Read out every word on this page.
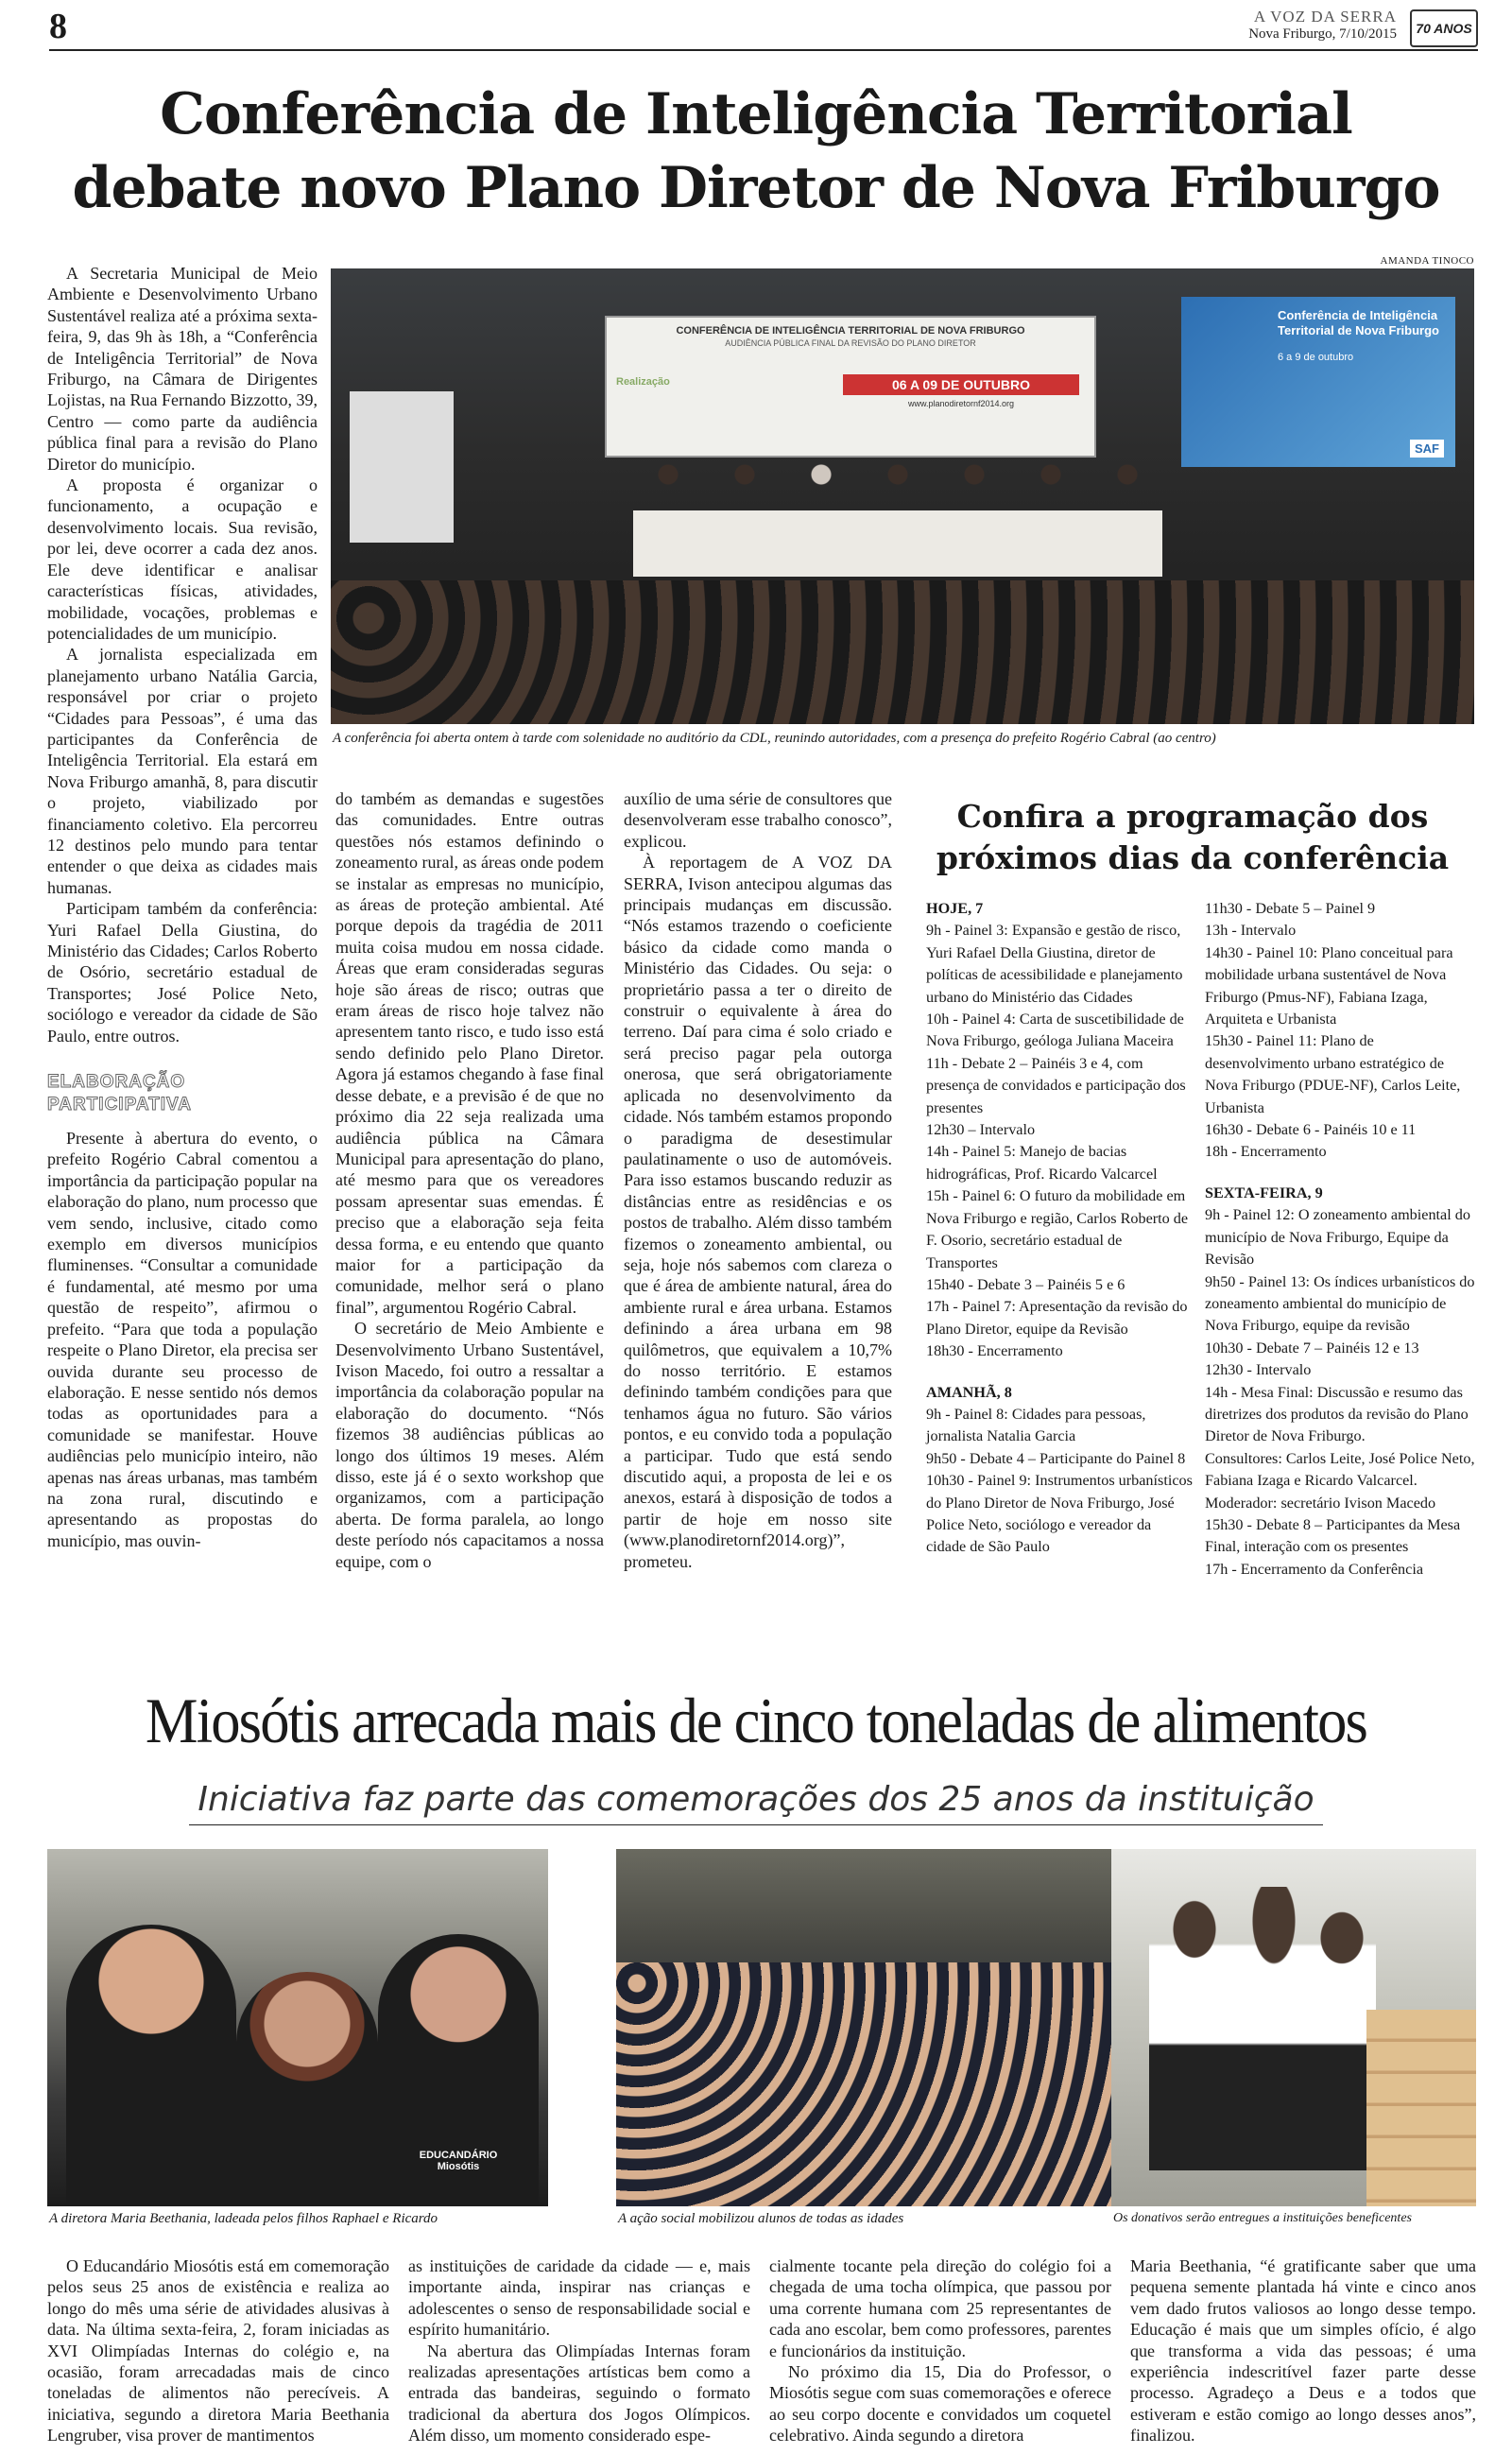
8	A VOZ DA SERRA
Nova Friburgo, 7/10/2015 70 ANOS
Conferência de Inteligência Territorial
debate novo Plano Diretor de Nova Friburgo

A Secretaria Municipal de Meio Ambiente e Desenvolvimento Urbano Sustentável realiza até a próxima sexta-feira, 9, das 9h às 18h, a “Conferência de Inteligência Territorial” de Nova Friburgo, na Câmara de Dirigentes Lojistas, na Rua Fernando Bizzotto, 39, Centro — como parte da audiência pública final para a revisão do Plano Diretor do município.

A proposta é organizar o funcionamento, a ocupação e desenvolvimento locais. Sua revisão, por lei, deve ocorrer a cada dez anos. Ele deve identificar e analisar características físicas, atividades, mobilidade, vocações, problemas e potencialidades de um município.

A jornalista especializada em planejamento urbano Natália Garcia, responsável por criar o projeto “Cidades para Pessoas”, é uma das participantes da Conferência de Inteligência Territorial. Ela estará em Nova Friburgo amanhã, 8, para discutir o projeto, viabilizado por financiamento coletivo. Ela percorreu 12 destinos pelo mundo para tentar entender o que deixa as cidades mais humanas.

Participam também da conferência: Yuri Rafael Della Giustina, do Ministério das Cidades; Carlos Roberto de Osório, secretário estadual de Transportes; José Police Neto, sociólogo e vereador da cidade de São Paulo, entre outros.

ELABORAÇÃO PARTICIPATIVA

Presente à abertura do evento, o prefeito Rogério Cabral comentou a importância da participação popular na elaboração do plano, num processo que vem sendo, inclusive, citado como exemplo em diversos municípios fluminenses. “Consultar a comunidade é fundamental, até mesmo por uma questão de respeito”, afirmou o prefeito. “Para que toda a população respeite o Plano Diretor, ela precisa ser ouvida durante seu processo de elaboração. E nesse sentido nós demos todas as oportunidades para a comunidade se manifestar. Houve audiências pelo município inteiro, não apenas nas áreas urbanas, mas também na zona rural, discutindo e apresentando as propostas do município, mas ouvin-

AMANDA TINOCO
CONFERÊNCIA DE INTELIGÊNCIA TERRITORIAL DE NOVA FRIBURGO
AUDIÊNCIA PÚBLICA FINAL DA REVISÃO DO PLANO DIRETOR
Realização	06 A 09 DE OUTUBRO
www.planodiretornf2014.org
Conferência de Inteligência Territorial de Nova Friburgo
6 a 9 de outubro
SAF
A conferência foi aberta ontem à tarde com solenidade no auditório da CDL, reunindo autoridades, com a presença do prefeito Rogério Cabral (ao centro)

do também as demandas e sugestões das comunidades. Entre outras questões nós estamos definindo o zoneamento rural, as áreas onde podem se instalar as empresas no município, as áreas de proteção ambiental. Até porque depois da tragédia de 2011 muita coisa mudou em nossa cidade. Áreas que eram consideradas seguras hoje são áreas de risco; outras que eram áreas de risco hoje talvez não apresentem tanto risco, e tudo isso está sendo definido pelo Plano Diretor. Agora já estamos chegando à fase final desse debate, e a previsão é de que no próximo dia 22 seja realizada uma audiência pública na Câmara Municipal para apresentação do plano, até mesmo para que os vereadores possam apresentar suas emendas. É preciso que a elaboração seja feita dessa forma, e eu entendo que quanto maior for a participação da comunidade, melhor será o plano final”, argumentou Rogério Cabral.

O secretário de Meio Ambiente e Desenvolvimento Urbano Sustentável, Ivison Macedo, foi outro a ressaltar a importância da colaboração popular na elaboração do documento. “Nós fizemos 38 audiências públicas ao longo dos últimos 19 meses. Além disso, este já é o sexto workshop que organizamos, com a participação aberta. De forma paralela, ao longo deste período nós capacitamos a nossa equipe, com o

auxílio de uma série de consultores que desenvolveram esse trabalho conosco”, explicou.

À reportagem de A VOZ DA SERRA, Ivison antecipou algumas das principais mudanças em discussão. “Nós estamos trazendo o coeficiente básico da cidade como manda o Ministério das Cidades. Ou seja: o proprietário passa a ter o direito de construir o equivalente à área do terreno. Daí para cima é solo criado e será preciso pagar pela outorga onerosa, que será obrigatoriamente aplicada no desenvolvimento da cidade. Nós também estamos propondo o paradigma de desestimular paulatinamente o uso de automóveis. Para isso estamos buscando reduzir as distâncias entre as residências e os postos de trabalho. Além disso também fizemos o zoneamento ambiental, ou seja, hoje nós sabemos com clareza o que é área de ambiente natural, área do ambiente rural e área urbana. Estamos definindo a área urbana em 98 quilômetros, que equivalem a 10,7% do nosso território. E estamos definindo também condições para que tenhamos água no futuro. São vários pontos, e eu convido toda a população a participar. Tudo que está sendo discutido aqui, a proposta de lei e os anexos, estará à disposição de todos a partir de hoje em nosso site (www.planodiretornf2014.org)”, prometeu.

Confira a programação dos
próximos dias da conferência
HOJE, 7
9h - Painel 3: Expansão e gestão de risco, Yuri Rafael Della Giustina, diretor de políticas de acessibilidade e planejamento urbano do Ministério das Cidades
10h - Painel 4: Carta de suscetibilidade de Nova Friburgo, geóloga Juliana Maceira
11h - Debate 2 – Painéis 3 e 4, com presença de convidados e participação dos presentes
12h30 – Intervalo
14h - Painel 5: Manejo de bacias hidrográficas, Prof. Ricardo Valcarcel
15h - Painel 6: O futuro da mobilidade em Nova Friburgo e região, Carlos Roberto de F. Osorio, secretário estadual de Transportes
15h40 - Debate 3 – Painéis 5 e 6
17h - Painel 7: Apresentação da revisão do Plano Diretor, equipe da Revisão
18h30 - Encerramento
AMANHÃ, 8
9h - Painel 8: Cidades para pessoas, jornalista Natalia Garcia
9h50 - Debate 4 – Participante do Painel 8
10h30 - Painel 9: Instrumentos urbanísticos do Plano Diretor de Nova Friburgo, José Police Neto, sociólogo e vereador da cidade de São Paulo
11h30 - Debate 5 – Painel 9
13h - Intervalo
14h30 - Painel 10: Plano conceitual para mobilidade urbana sustentável de Nova Friburgo (Pmus-NF), Fabiana Izaga, Arquiteta e Urbanista
15h30 - Painel 11: Plano de desenvolvimento urbano estratégico de Nova Friburgo (PDUE-NF), Carlos Leite, Urbanista
16h30 - Debate 6 - Painéis 10 e 11
18h - Encerramento
SEXTA-FEIRA, 9
9h - Painel 12: O zoneamento ambiental do município de Nova Friburgo, Equipe da Revisão
9h50 - Painel 13: Os índices urbanísticos do zoneamento ambiental do município de Nova Friburgo, equipe da revisão
10h30 - Debate 7 – Painéis 12 e 13
12h30 - Intervalo
14h - Mesa Final: Discussão e resumo das diretrizes dos produtos da revisão do Plano Diretor de Nova Friburgo.
Consultores: Carlos Leite, José Police Neto, Fabiana Izaga e Ricardo Valcarcel.
Moderador: secretário Ivison Macedo
15h30 - Debate 8 – Participantes da Mesa Final, interação com os presentes
17h - Encerramento da Conferência
Miosótis arrecada mais de cinco toneladas de alimentos
Iniciativa faz parte das comemorações dos 25 anos da instituição
EDUCANDÁRIO Miosótis
A diretora Maria Beethania, ladeada pelos filhos Raphael e Ricardo	A ação social mobilizou alunos de todas as idades	Os donativos serão entregues a instituições beneficentes

O Educandário Miosótis está em comemoração pelos seus 25 anos de existência e realiza ao longo do mês uma série de atividades alusivas à data. Na última sexta-feira, 2, foram iniciadas as XVI Olimpíadas Internas do colégio e, na ocasião, foram arrecadadas mais de cinco toneladas de alimentos não perecíveis. A iniciativa, segundo a diretora Maria Beethania Lengruber, visa prover de mantimentos

as instituições de caridade da cidade — e, mais importante ainda, inspirar nas crianças e adolescentes o senso de responsabilidade social e espírito humanitário.

Na abertura das Olimpíadas Internas foram realizadas apresentações artísticas bem como a entrada das bandeiras, seguindo o formato tradicional da abertura dos Jogos Olímpicos. Além disso, um momento considerado espe-

cialmente tocante pela direção do colégio foi a chegada de uma tocha olímpica, que passou por uma corrente humana com 25 representantes de cada ano escolar, bem como professores, parentes e funcionários da instituição.

No próximo dia 15, Dia do Professor, o Miosótis segue com suas comemorações e oferece ao seu corpo docente e convidados um coquetel celebrativo. Ainda segundo a diretora

Maria Beethania, “é gratificante saber que uma pequena semente plantada há vinte e cinco anos vem dado frutos valiosos ao longo desse tempo. Educação é mais que um simples ofício, é algo que transforma a vida das pessoas; é uma experiência indescritível fazer parte desse processo. Agradeço a Deus e a todos que estiveram e estão comigo ao longo desses anos”, finalizou.
